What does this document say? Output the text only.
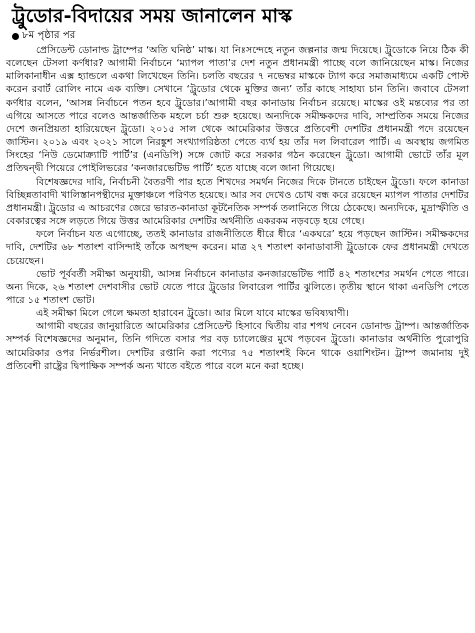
ট্রুডোর-বিদায়ের সময় জানালেন মাস্ক
৮ম পৃষ্ঠার পর

প্রেসিডেন্ট ডোনাল্ড ট্রাম্পের ‘অতি ঘনিষ্ঠ’ মাস্ক। যা নিঃসন্দেহে নতুন জল্পনার জন্ম দিয়েছে। ট্রুডোকে নিয়ে ঠিক কী বলেছেন টেসলা কর্ণধার? আগামী নির্বাচনে ‘ম্যাপল পাতা’র দেশ নতুন প্রধানমন্ত্রী পাচ্ছে বলে জানিয়েছেন মাস্ক। নিজের মালিকানাধীন এক্স হ্যান্ডলে একথা লিখেছেন তিনি। চলতি বছরের ৭ নভেম্বর মাস্ককে ট্যাগ করে সমাজমাধ্যমে একটি পোস্ট করেন রবার্ট রোলিং নামে এক ব্যক্তি। সেখানে ‘ট্রুডোর থেকে মুক্তির জন্য’ তাঁর কাছে সাহায্য চান তিনি। জবাবে টেসলা কর্ণধার বলেন, ‘আসন্ন নির্বাচনে পতন হবে ট্রুডোর।’আগামী বছর কানাডায় নির্বাচন রয়েছে। মাস্কের ওই মন্তব্যের পর তা এগিয়ে আসতে পারে বলেও আন্তর্জাতিক মহলে চর্চা শুরু হয়েছে। অন্যদিকে সমীক্ষকদের দাবি, সাম্প্রতিক সময়ে নিজের দেশে জনপ্রিয়তা হারিয়েছেন ট্রুডো। ২০১৫ সাল থেকে আমেরিকার উত্তরে প্রতিবেশী দেশটির প্রধানমন্ত্রী পদে রয়েছেন জাস্টিন। ২০১৯ এবং ২০২১ সালে নিরঙ্কুশ সংখ্যাগরিষ্ঠতা পেতে ব্যর্থ হয় তাঁর দল লিবারেল পার্টি। এ অবস্থায় জগমিত সিংহের ‘নিউ ডেমোক্র্যাটি পার্টি’র (এনডিপি) সঙ্গে জোট করে সরকার গঠন করেছেন ট্রুডো। আগামী ভোটে তাঁর মূল প্রতিদ্বন্দ্বী পিয়েরে পোইলিভরের ‘কনজারভেটিভ পার্টি’ হতে যাচ্ছে বলে জানা গিয়েছে।

বিশেষজ্ঞদের দাবি, নির্বাচনী বৈতরণী পার হতে শিখদের সমর্থন নিজের দিকে টানতে চাইছেন ট্রুডো। ফলে কানাডা বিচ্ছিন্নতাবাদী খালিস্তানপন্থীদের মুক্তাঞ্চলে পরিণত হয়েছে। আর সব দেখেও চোখ বন্ধ করে রয়েছেন ম্যাপল পাতার দেশটির প্রধানমন্ত্রী। ট্রুডোর এ আচরণের জেরে ভারত-কানাডা কূটনৈতিক সম্পর্ক তলানিতে গিয়ে ঠেকেছে। অন্যদিকে, মুদ্রাস্ফীতি ও বেকারত্বের সঙ্গে লড়তে গিয়ে উত্তর আমেরিকার দেশটির অর্থনীতি একরকম নড়বড়ে হয়ে গেছে।

ফলে নির্বাচন যত এগোচ্ছে, ততই কানাডার রাজনীতিতে ধীরে ধীরে ‘একঘরে’ হয়ে পড়ছেন জাস্টিন। সমীক্ষকদের দাবি, দেশটির ৬৮ শতাংশ বাসিন্দাই তাঁকে অপছন্দ করেন। মাত্র ২৭ শতাংশ কানাডাবাসী ট্রুডোকে ফের প্রধানমন্ত্রী দেখতে চেয়েছেন।

ভোট পূর্ববর্তী সমীক্ষা অনুযায়ী, আসন্ন নির্বাচনে কানাডার কনজারভেটিভ পার্টি ৪২ শতাংশের সমর্থন পেতে পারে। অন্য দিকে, ২৬ শতাংশ দেশবাসীর ভোট যেতে পারে ট্রুডোর লিবারেল পার্টির ঝুলিতে। তৃতীয় স্থানে থাকা এনডিপি পেতে পারে ১৫ শতাংশ ভোট।

এই সমীক্ষা মিলে গেলে ক্ষমতা হারাবেন ট্রুডো। আর মিলে যাবে মাস্কের ভবিষ্যদ্বাণী।

আগামী বছরের জানুয়ারিতে আমেরিকার প্রেসিডেন্ট হিসাবে দ্বিতীয় বার শপথ নেবেন ডোনাল্ড ট্রাম্প। আন্তর্জাতিক সম্পর্ক বিশেষজ্ঞদের অনুমান, তিনি গদিতে বসার পর বড় চ্যালেঞ্জের মুখে পড়বেন ট্রুডো। কানাডার অর্থনীতি পুরোপুরি আমেরিকার ওপর নির্ভরশীল। দেশটির রপ্তানি করা পণ্যের ৭৫ শতাংশই কিনে থাকে ওয়াশিংটন। ট্রাম্প জমানায় দুই প্রতিবেশী রাষ্ট্রের দ্বিপাক্ষিক সম্পর্ক অন্য খাতে বইতে পারে বলে মনে করা হচ্ছে।
